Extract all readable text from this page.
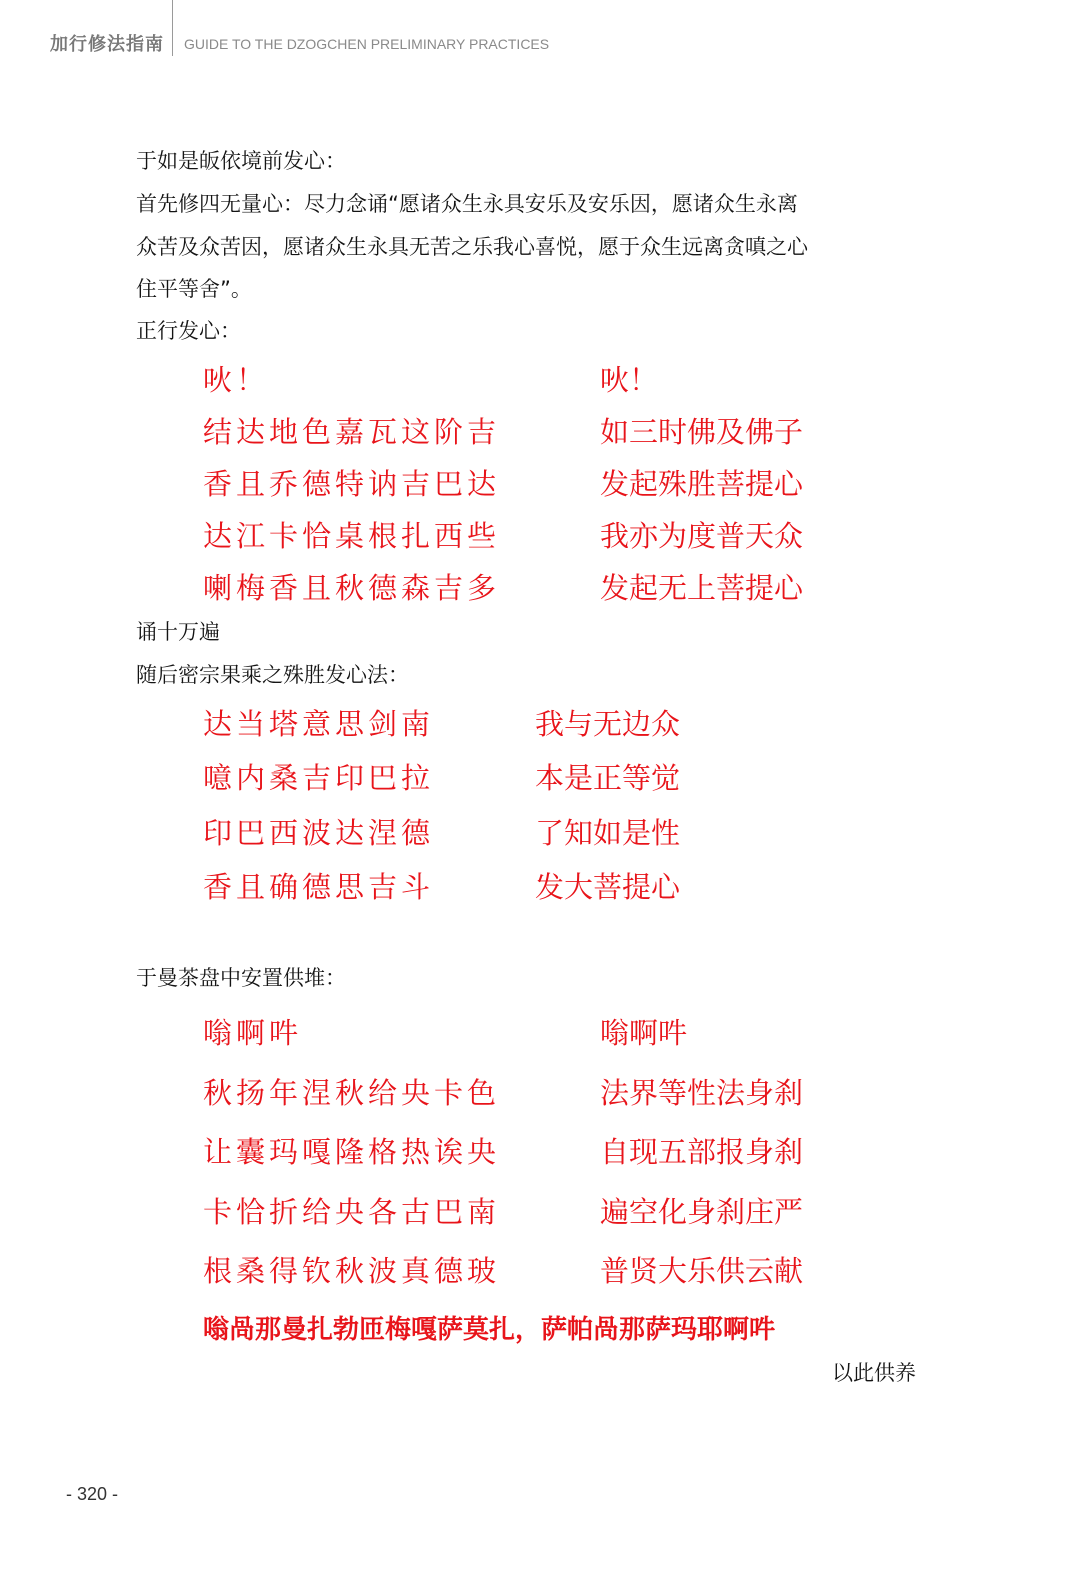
加行修法指南 GUIDE TO THE DZOGCHEN PRELIMINARY PRACTICES
于如是皈依境前发心：
首先修四无量心：尽力念诵“愿诸众生永具安乐及安乐因，愿诸众生永离
众苦及众苦因，愿诸众生永具无苦之乐我心喜悦，愿于众生远离贪嗔之心
住平等舍”。
正行发心：
吙！
结达地色嘉瓦这阶吉
香且乔德特讷吉巴达
达江卡恰桌根扎西些
喇梅香且秋德森吉多
吙！
如三时佛及佛子
发起殊胜菩提心
我亦为度普天众
发起无上菩提心
诵十万遍
随后密宗果乘之殊胜发心法：
达当塔意思剑南
噫内桑吉印巴拉
印巴西波达涅德
香且确德思吉斗
我与无边众
本是正等觉
了知如是性
发大菩提心
于曼茶盘中安置供堆：
嗡啊吽
秋扬年涅秋给央卡色
让囊玛嘎隆格热诶央
卡恰折给央各古巴南
根桑得钦秋波真德玻
嗡啊吽
法界等性法身刹
自现五部报身刹
遍空化身刹庄严
普贤大乐供云献
嗡咼那曼扎勃匝梅嘎萨莫扎，萨帕咼那萨玛耶啊吽
以此供养
- 320 -
